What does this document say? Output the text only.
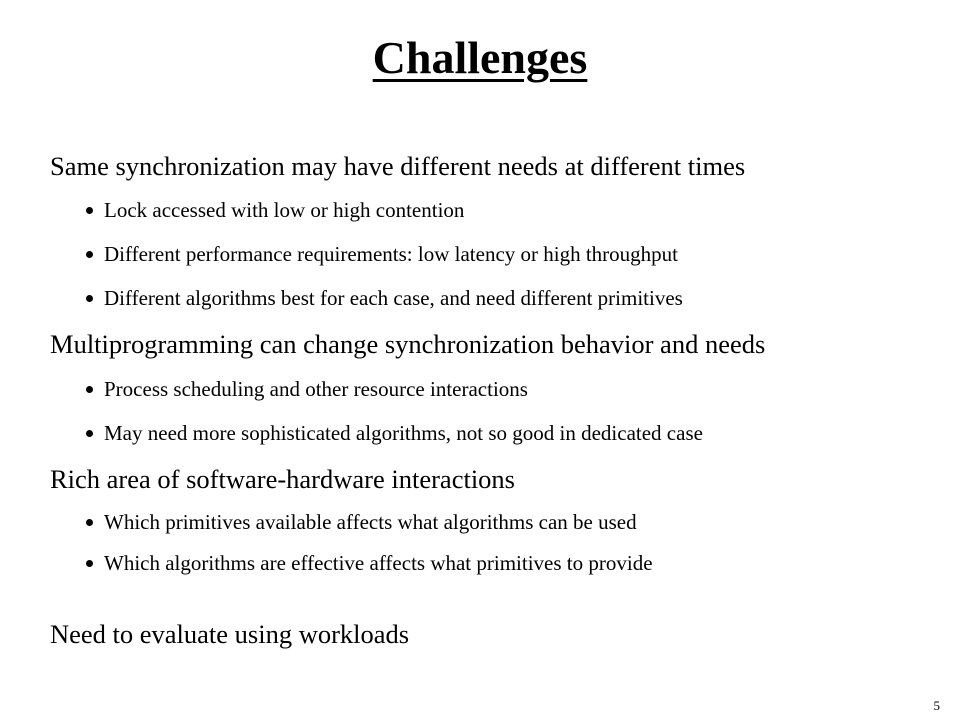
Challenges
Same synchronization may have different needs at different times
Lock accessed with low or high contention
Different performance requirements: low latency or high throughput
Different algorithms best for each case, and need different primitives
Multiprogramming can change synchronization behavior and needs
Process scheduling and other resource interactions
May need more sophisticated algorithms, not so good in dedicated case
Rich area of software-hardware interactions
Which primitives available affects what algorithms can be used
Which algorithms are effective affects what primitives to provide
Need to evaluate using workloads
5
